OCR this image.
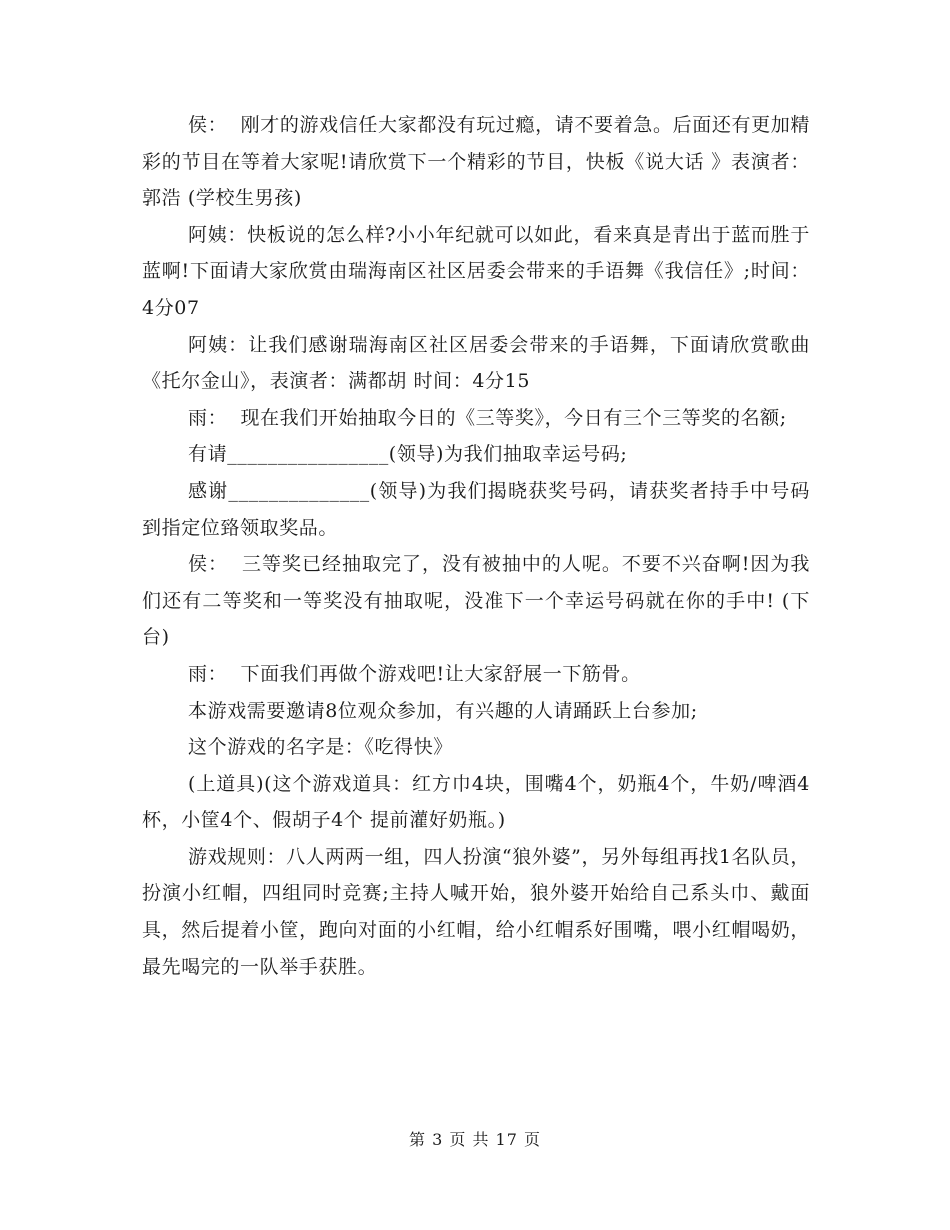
侯：  刚才的游戏信任大家都没有玩过瘾，请不要着急。后面还有更加精彩的节目在等着大家呢!请欣赏下一个精彩的节目，快板《说大话 》表演者：郭浩 (学校生男孩)

阿姨：快板说的怎么样?小小年纪就可以如此，看来真是青出于蓝而胜于蓝啊!下面请大家欣赏由瑞海南区社区居委会带来的手语舞《我信任》;时间：4分07

阿姨：让我们感谢瑞海南区社区居委会带来的手语舞，下面请欣赏歌曲《托尔金山》，表演者：满都胡 时间：4分15

雨：  现在我们开始抽取今日的《三等奖》，今日有三个三等奖的名额;

有请________________(领导)为我们抽取幸运号码;

感谢______________(领导)为我们揭晓获奖号码，请获奖者持手中号码到指定位臵领取奖品。

侯：  三等奖已经抽取完了，没有被抽中的人呢。不要不兴奋啊!因为我们还有二等奖和一等奖没有抽取呢，没准下一个幸运号码就在你的手中! (下台)

雨：  下面我们再做个游戏吧!让大家舒展一下筋骨。

本游戏需要邀请8位观众参加，有兴趣的人请踊跃上台参加;

这个游戏的名字是：《吃得快》

(上道具)(这个游戏道具：红方巾4块，围嘴4个，奶瓶4个，牛奶/啤酒4杯，小筐4个、假胡子4个 提前灌好奶瓶。)

游戏规则：八人两两一组，四人扮演“狼外婆”，另外每组再找1名队员，扮演小红帽，四组同时竞赛;主持人喊开始，狼外婆开始给自己系头巾、戴面具，然后提着小筐，跑向对面的小红帽，给小红帽系好围嘴，喂小红帽喝奶，最先喝完的一队举手获胜。

第 3 页 共 17 页
